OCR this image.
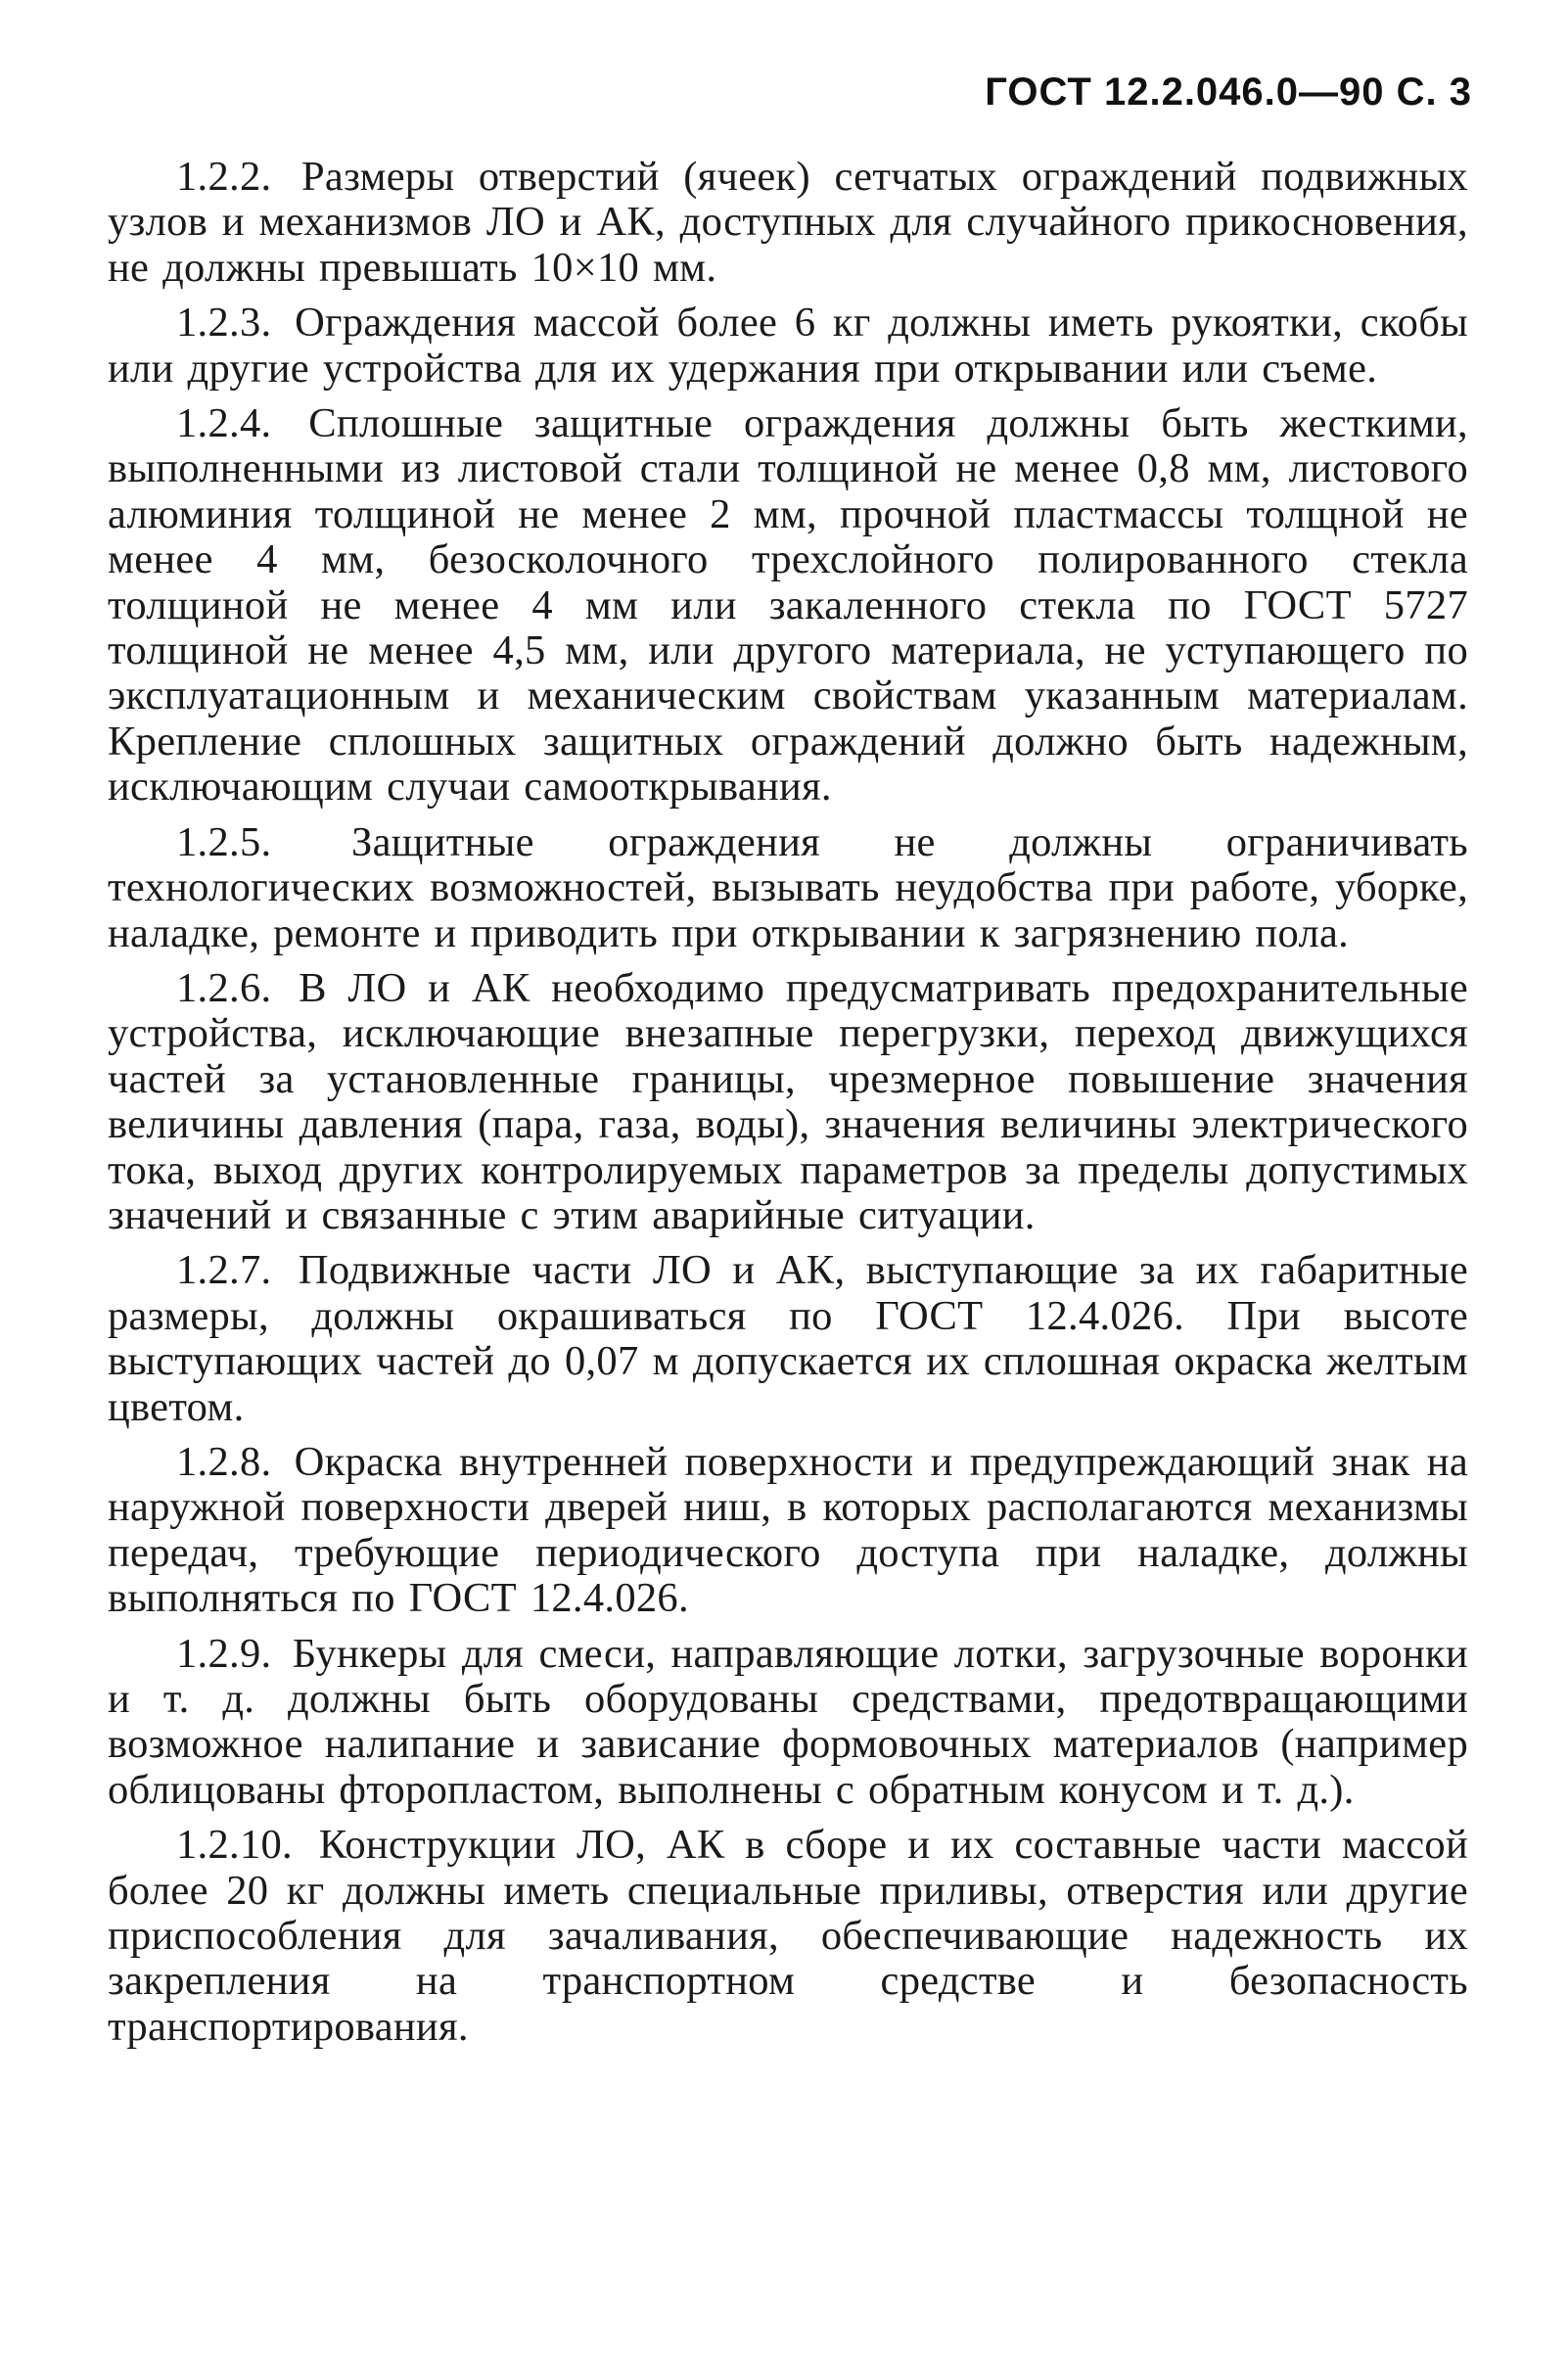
ГОСТ 12.2.046.0—90 С. 3

1.2.2. Размеры отверстий (ячеек) сетчатых ограждений подвижных узлов и механизмов ЛО и АК, доступных для случайного прикосновения, не должны превышать 10×10 мм.

1.2.3. Ограждения массой более 6 кг должны иметь рукоятки, скобы или другие устройства для их удержания при открывании или съеме.

1.2.4. Сплошные защитные ограждения должны быть жесткими, выполненными из листовой стали толщиной не менее 0,8 мм, листового алюминия толщиной не менее 2 мм, прочной пластмассы толщной не менее 4 мм, безосколочного трехслойного полированного стекла толщиной не менее 4 мм или закаленного стекла по ГОСТ 5727 толщиной не менее 4,5 мм, или другого материала, не уступающего по эксплуатационным и механическим свойствам указанным материалам. Крепление сплошных защитных ограждений должно быть надежным, исключающим случаи самооткрывания.

1.2.5. Защитные ограждения не должны ограничивать технологических возможностей, вызывать неудобства при работе, уборке, наладке, ремонте и приводить при открывании к загрязнению пола.

1.2.6. В ЛО и АК необходимо предусматривать предохранительные устройства, исключающие внезапные перегрузки, переход движущихся частей за установленные границы, чрезмерное повышение значения величины давления (пара, газа, воды), значения величины электрического тока, выход других контролируемых параметров за пределы допустимых значений и связанные с этим аварийные ситуации.

1.2.7. Подвижные части ЛО и АК, выступающие за их габаритные размеры, должны окрашиваться по ГОСТ 12.4.026. При высоте выступающих частей до 0,07 м допускается их сплошная окраска желтым цветом.

1.2.8. Окраска внутренней поверхности и предупреждающий знак на наружной поверхности дверей ниш, в которых располагаются механизмы передач, требующие периодического доступа при наладке, должны выполняться по ГОСТ 12.4.026.

1.2.9. Бункеры для смеси, направляющие лотки, загрузочные воронки и т. д. должны быть оборудованы средствами, предотвращающими возможное налипание и зависание формовочных материалов (например облицованы фторопластом, выполнены с обратным конусом и т. д.).

1.2.10. Конструкции ЛО, АК в сборе и их составные части массой более 20 кг должны иметь специальные приливы, отверстия или другие приспособления для зачаливания, обеспечивающие надежность их закрепления на транспортном средстве и безопасность транспортирования.
